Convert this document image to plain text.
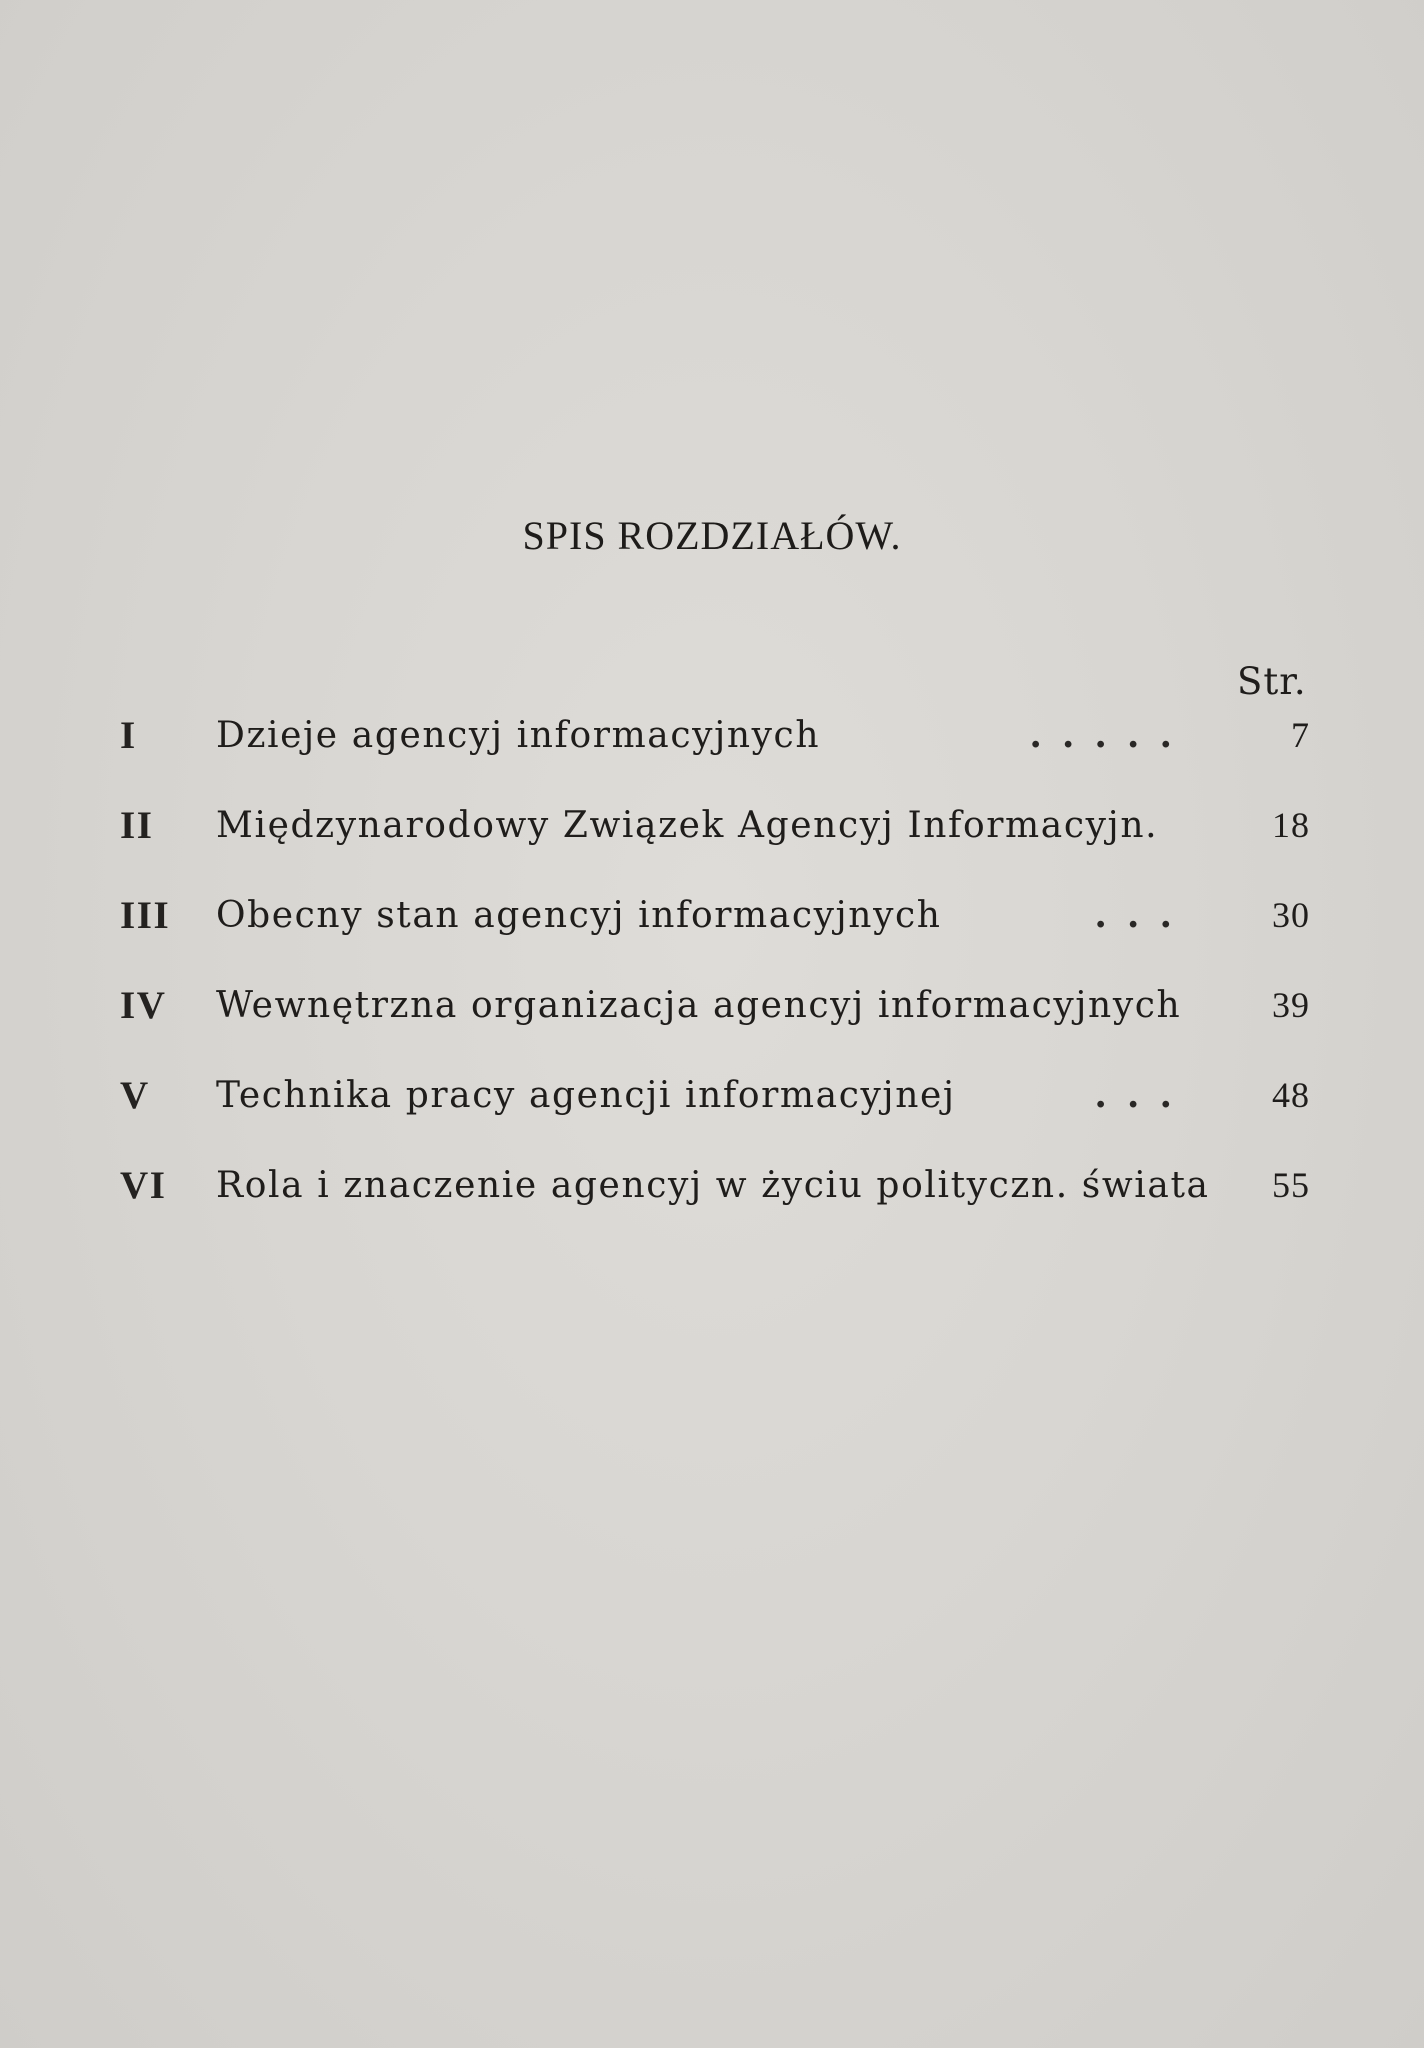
SPIS ROZDZIAŁÓW.
Str.
I	Dzieje agencyj informacyjnych	.....	7
II	Międzynarodowy Związek Agencyj Informacyjn.	18
III	Obecny stan agencyj informacyjnych	...	30
IV	Wewnętrzna organizacja agencyj informacyjnych	39
V	Technika pracy agencji informacyjnej	...	48
VI	Rola i znaczenie agencyj w życiu polityczn. świata	55
